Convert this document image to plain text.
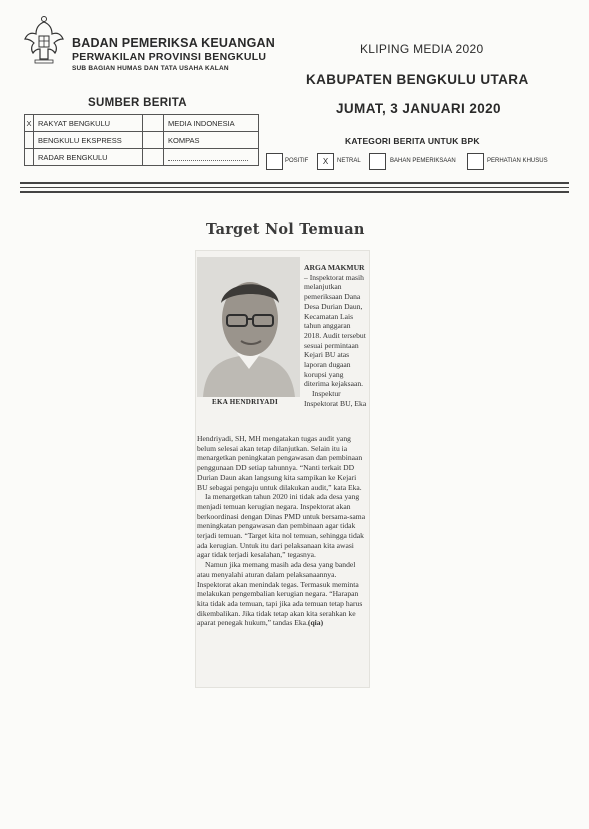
BADAN PEMERIKSA KEUANGAN
PERWAKILAN PROVINSI BENGKULU
SUB BAGIAN HUMAS DAN TATA USAHA KALAN
KLIPING MEDIA 2020
KABUPATEN BENGKULU UTARA
JUMAT, 3 JANUARI 2020
SUMBER BERITA
X	RAKYAT BENGKULU		MEDIA INDONESIA
	BENGKULU EKSPRESS		KOMPAS
	RADAR BENGKULU		
KATEGORI BERITA UNTUK BPK
POSITIF	X	NETRAL	BAHAN PEMERIKSAAN	PERHATIAN KHUSUS
Target Nol Temuan
EKA HENDRIYADI

ARGA MAKMUR – Inspektorat masih melanjutkan pemeriksaan Dana Desa Durian Daun, Kecamatan Lais tahun anggaran 2018. Audit tersebut sesuai permintaan Kejari BU atas laporan dugaan korupsi yang diterima kejaksaan.

Inspektur Inspektorat BU, Eka

Hendriyadi, SH, MH mengatakan tugas audit yang belum selesai akan tetap dilanjutkan. Selain itu ia menargetkan peningkatan pengawasan dan pembinaan penggunaan DD setiap tahunnya. “Nanti terkait DD Durian Daun akan langsung kita sampikan ke Kejari BU sebagai pengaju untuk dilakukan audit,” kata Eka.

Ia menargetkan tahun 2020 ini tidak ada desa yang menjadi temuan kerugian negara. Inspektorat akan berkoordinasi dengan Dinas PMD untuk bersama-sama meningkatan pengawasan dan pembinaan agar tidak terjadi temuan. “Target kita nol temuan, sehingga tidak ada kerugian. Untuk itu dari pelaksanaan kita awasi agar tidak terjadi kesalahan,” tegasnya.

Namun jika memang masih ada desa yang bandel atau menyalahi aturan dalam pelaksanaannya. Inspektorat akan menindak tegas. Termasuk meminta melakukan pengembalian kerugian negara. “Harapan kita tidak ada temuan, tapi jika ada temuan tetap harus dikembalikan. Jika tidak tetap akan kita serahkan ke aparat penegak hukum,” tandas Eka.(qia)
